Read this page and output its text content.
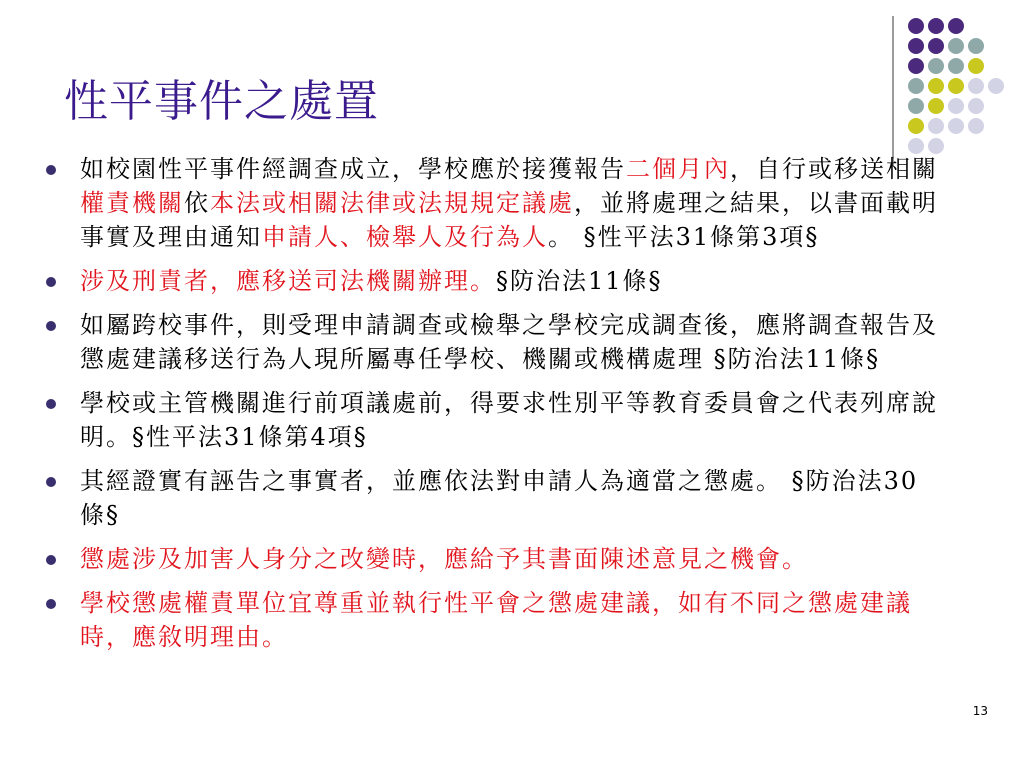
性平事件之處置
如校園性平事件經調查成立，學校應於接獲報告二個月內，自行或移送相關權責機關依本法或相關法律或法規規定議處，並將處理之結果，以書面載明事實及理由通知申請人、檢舉人及行為人。 §性平法31條第3項§
涉及刑責者，應移送司法機關辦理。§防治法11條§
如屬跨校事件，則受理申請調查或檢舉之學校完成調查後，應將調查報告及懲處建議移送行為人現所屬專任學校、機關或機構處理 §防治法11條§
學校或主管機關進行前項議處前，得要求性別平等教育委員會之代表列席說明。§性平法31條第4項§
其經證實有誣告之事實者，並應依法對申請人為適當之懲處。 §防治法30條§
懲處涉及加害人身分之改變時，應給予其書面陳述意見之機會。
學校懲處權責單位宜尊重並執行性平會之懲處建議，如有不同之懲處建議時，應敘明理由。
13
